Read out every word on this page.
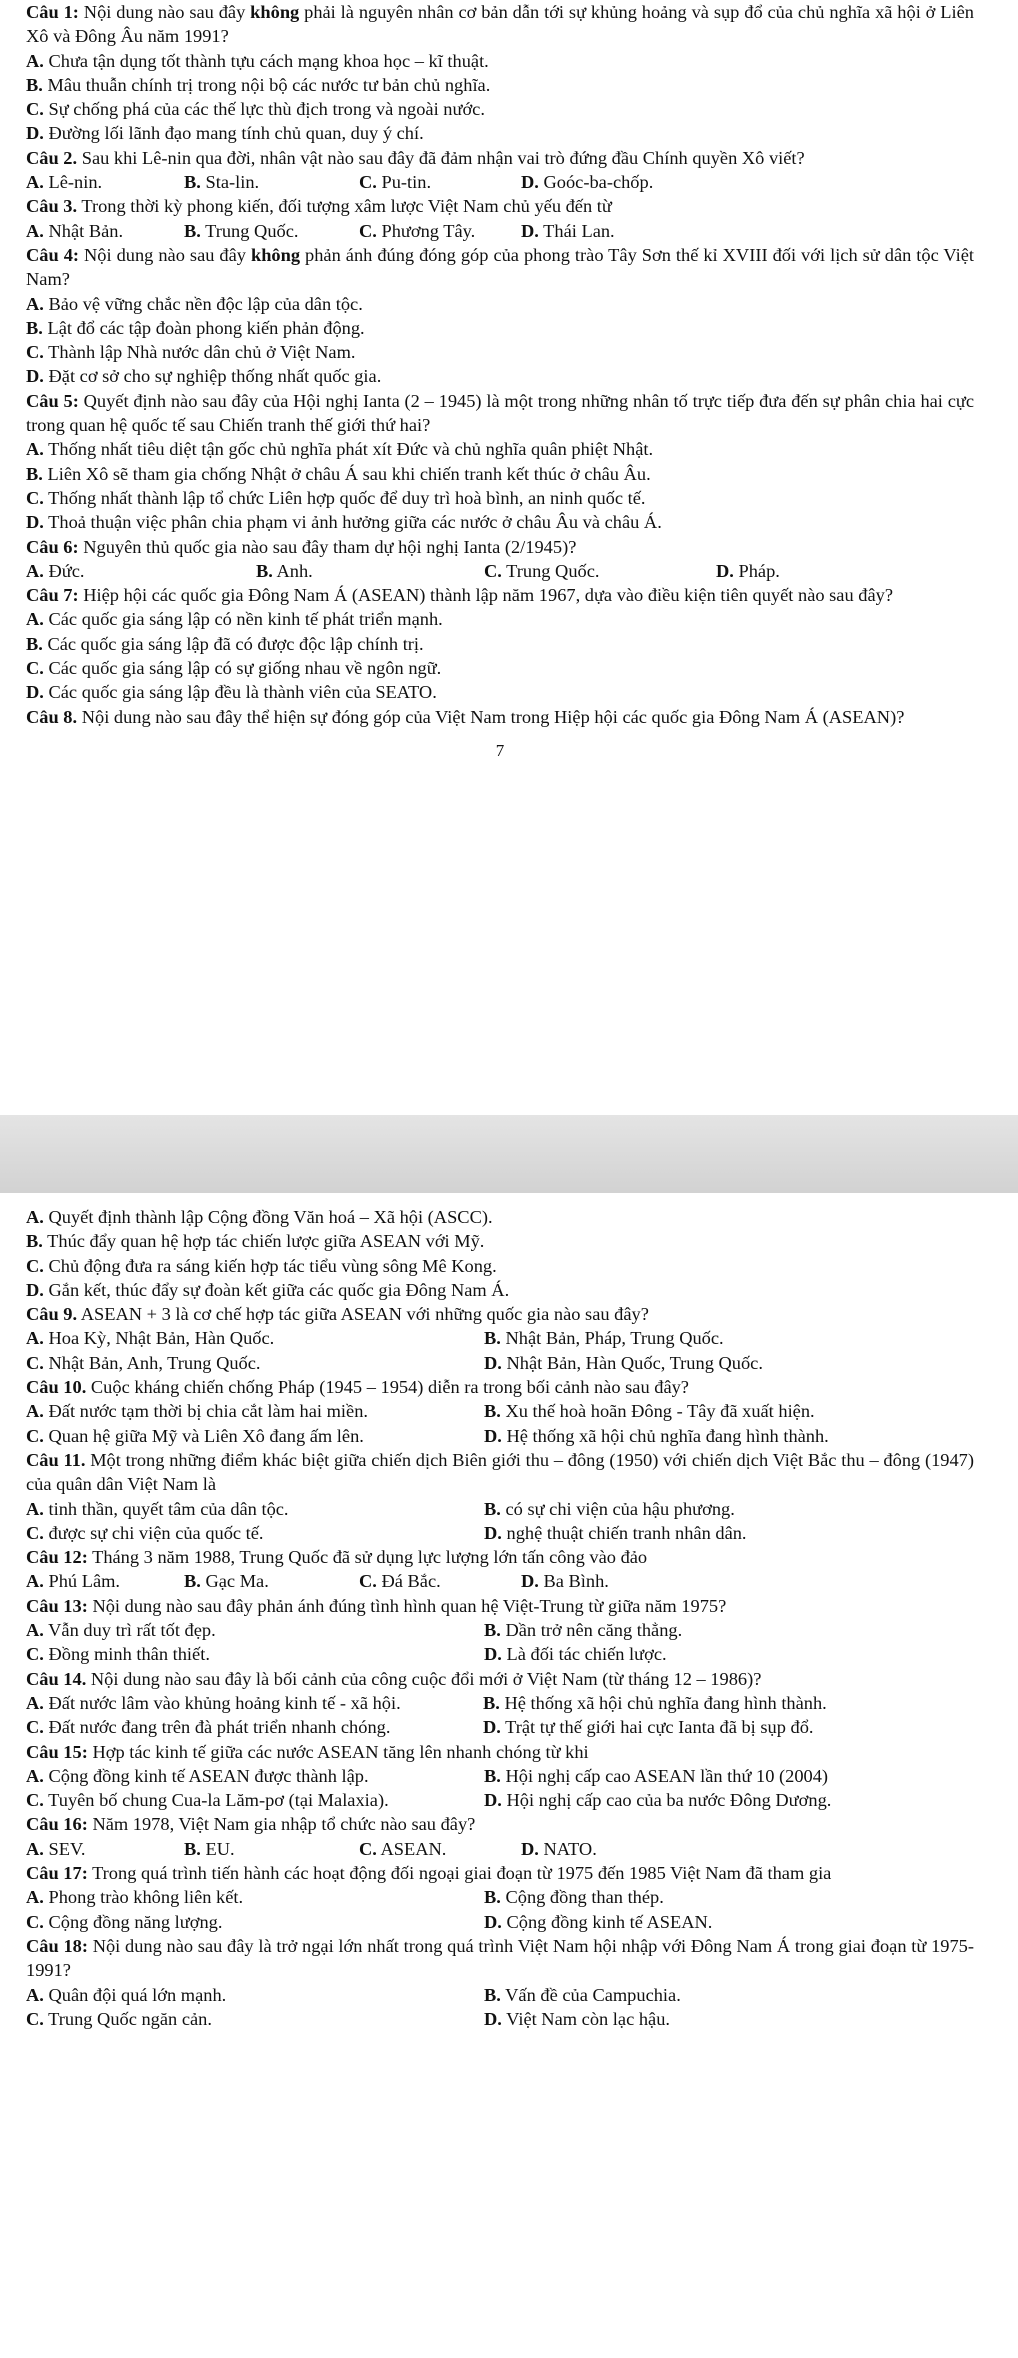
Câu 1: Nội dung nào sau đây không phải là nguyên nhân cơ bản dẫn tới sự khủng hoảng và sụp đổ của chủ nghĩa xã hội ở Liên Xô và Đông Âu năm 1991?

A. Chưa tận dụng tốt thành tựu cách mạng khoa học – kĩ thuật.

B. Mâu thuẫn chính trị trong nội bộ các nước tư bản chủ nghĩa.

C. Sự chống phá của các thế lực thù địch trong và ngoài nước.

D. Đường lối lãnh đạo mang tính chủ quan, duy ý chí.

Câu 2. Sau khi Lê-nin qua đời, nhân vật nào sau đây đã đảm nhận vai trò đứng đầu Chính quyền Xô viết?

A. Lê-nin.	B. Sta-lin.	C. Pu-tin.	D. Goóc-ba-chốp.

Câu 3. Trong thời kỳ phong kiến, đối tượng xâm lược Việt Nam chủ yếu đến từ

A. Nhật Bản.	B. Trung Quốc.	C. Phương Tây.	D. Thái Lan.

Câu 4: Nội dung nào sau đây không phản ánh đúng đóng góp của phong trào Tây Sơn thế kỉ XVIII đối với lịch sử dân tộc Việt Nam?

A. Bảo vệ vững chắc nền độc lập của dân tộc.

B. Lật đổ các tập đoàn phong kiến phản động.

C. Thành lập Nhà nước dân chủ ở Việt Nam.

D. Đặt cơ sở cho sự nghiệp thống nhất quốc gia.

Câu 5: Quyết định nào sau đây của Hội nghị Ianta (2 – 1945) là một trong những nhân tố trực tiếp đưa đến sự phân chia hai cực trong quan hệ quốc tế sau Chiến tranh thế giới thứ hai?

A. Thống nhất tiêu diệt tận gốc chủ nghĩa phát xít Đức và chủ nghĩa quân phiệt Nhật.

B. Liên Xô sẽ tham gia chống Nhật ở châu Á sau khi chiến tranh kết thúc ở châu Âu.

C. Thống nhất thành lập tổ chức Liên hợp quốc để duy trì hoà bình, an ninh quốc tế.

D. Thoả thuận việc phân chia phạm vi ảnh hưởng giữa các nước ở châu Âu và châu Á.

Câu 6: Nguyên thủ quốc gia nào sau đây tham dự hội nghị Ianta (2/1945)?

A. Đức.	B. Anh.	C. Trung Quốc.	D. Pháp.

Câu 7: Hiệp hội các quốc gia Đông Nam Á (ASEAN) thành lập năm 1967, dựa vào điều kiện tiên quyết nào sau đây?

A. Các quốc gia sáng lập có nền kinh tế phát triển mạnh.

B. Các quốc gia sáng lập đã có được độc lập chính trị.

C. Các quốc gia sáng lập có sự giống nhau về ngôn ngữ.

D. Các quốc gia sáng lập đều là thành viên của SEATO.

Câu 8. Nội dung nào sau đây thể hiện sự đóng góp của Việt Nam trong Hiệp hội các quốc gia Đông Nam Á (ASEAN)?

7

A. Quyết định thành lập Cộng đồng Văn hoá – Xã hội (ASCC).

B. Thúc đẩy quan hệ hợp tác chiến lược giữa ASEAN với Mỹ.

C. Chủ động đưa ra sáng kiến hợp tác tiểu vùng sông Mê Kong.

D. Gắn kết, thúc đẩy sự đoàn kết giữa các quốc gia Đông Nam Á.

Câu 9. ASEAN + 3 là cơ chế hợp tác giữa ASEAN với những quốc gia nào sau đây?

A. Hoa Kỳ, Nhật Bản, Hàn Quốc.	B. Nhật Bản, Pháp, Trung Quốc.
C. Nhật Bản, Anh, Trung Quốc.	D. Nhật Bản, Hàn Quốc, Trung Quốc.

Câu 10. Cuộc kháng chiến chống Pháp (1945 – 1954) diễn ra trong bối cảnh nào sau đây?

A. Đất nước tạm thời bị chia cắt làm hai miền.	B. Xu thế hoà hoãn Đông - Tây đã xuất hiện.
C. Quan hệ giữa Mỹ và Liên Xô đang ấm lên.	D. Hệ thống xã hội chủ nghĩa đang hình thành.

Câu 11. Một trong những điểm khác biệt giữa chiến dịch Biên giới thu – đông (1950) với chiến dịch Việt Bắc thu – đông (1947) của quân dân Việt Nam là

A. tinh thần, quyết tâm của dân tộc.	B. có sự chi viện của hậu phương.
C. được sự chi viện của quốc tế.	D. nghệ thuật chiến tranh nhân dân.

Câu 12: Tháng 3 năm 1988, Trung Quốc đã sử dụng lực lượng lớn tấn công vào đảo

A. Phú Lâm.	B. Gạc Ma.	C. Đá Bắc.	D. Ba Bình.

Câu 13: Nội dung nào sau đây phản ánh đúng tình hình quan hệ Việt-Trung từ giữa năm 1975?

A. Vẫn duy trì rất tốt đẹp.	B. Dần trở nên căng thẳng.
C. Đồng minh thân thiết.	D. Là đối tác chiến lược.

Câu 14. Nội dung nào sau đây là bối cảnh của công cuộc đổi mới ở Việt Nam (từ tháng 12 – 1986)?

A. Đất nước lâm vào khủng hoảng kinh tế - xã hội.	B. Hệ thống xã hội chủ nghĩa đang hình thành.
C. Đất nước đang trên đà phát triển nhanh chóng.	D. Trật tự thế giới hai cực Ianta đã bị sụp đổ.

Câu 15: Hợp tác kinh tế giữa các nước ASEAN tăng lên nhanh chóng từ khi

A. Cộng đồng kinh tế ASEAN được thành lập.	B. Hội nghị cấp cao ASEAN lần thứ 10 (2004)
C. Tuyên bố chung Cua-la Lăm-pơ (tại Malaxia).	D. Hội nghị cấp cao của ba nước Đông Dương.

Câu 16: Năm 1978, Việt Nam gia nhập tổ chức nào sau đây?

A. SEV.	B. EU.	C. ASEAN.	D. NATO.

Câu 17: Trong quá trình tiến hành các hoạt động đối ngoại giai đoạn từ 1975 đến 1985 Việt Nam đã tham gia

A. Phong trào không liên kết.	B. Cộng đồng than thép.
C. Cộng đồng năng lượng.	D. Cộng đồng kinh tế ASEAN.

Câu 18: Nội dung nào sau đây là trở ngại lớn nhất trong quá trình Việt Nam hội nhập với Đông Nam Á trong giai đoạn từ 1975-1991?

A. Quân đội quá lớn mạnh.	B. Vấn đề của Campuchia.
C. Trung Quốc ngăn cản.	D. Việt Nam còn lạc hậu.
